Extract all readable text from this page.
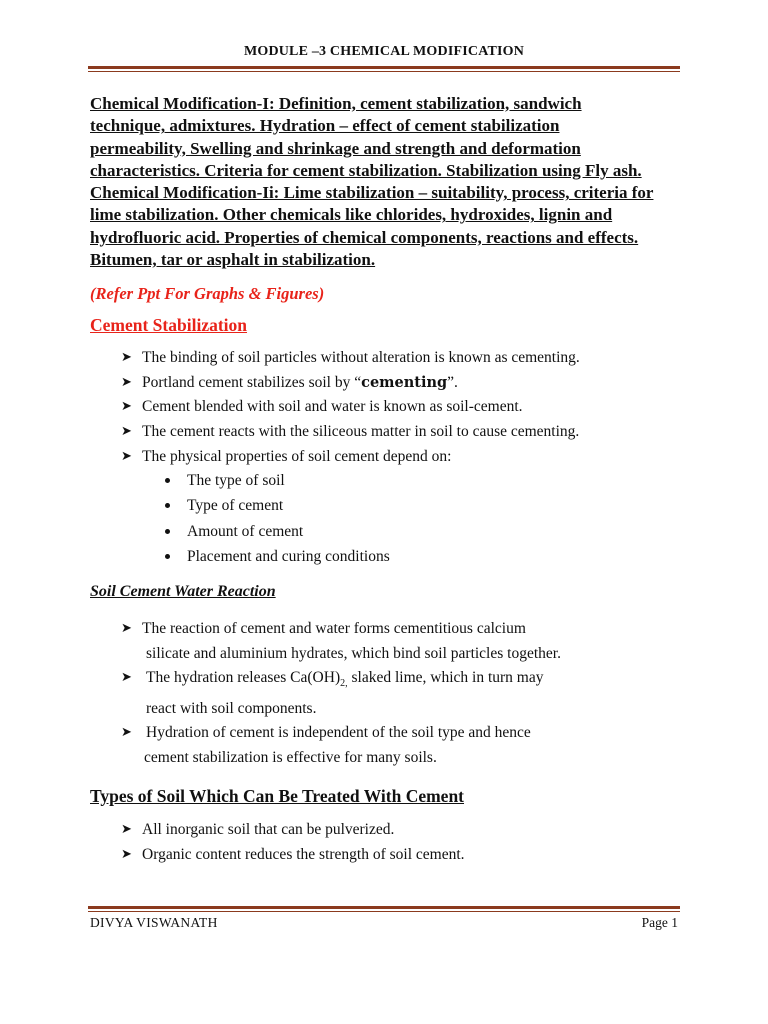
MODULE –3 CHEMICAL MODIFICATION
Chemical Modification-I: Definition, cement stabilization, sandwich
technique, admixtures. Hydration – effect of cement stabilization
permeability, Swelling and shrinkage and strength and deformation
characteristics. Criteria for cement stabilization. Stabilization using Fly ash.
Chemical Modification-Ii: Lime stabilization – suitability, process, criteria for
lime stabilization. Other chemicals like chlorides, hydroxides, lignin and
hydrofluoric acid. Properties of chemical components, reactions and effects.
Bitumen, tar or asphalt in stabilization.
(Refer Ppt For Graphs & Figures)
Cement Stabilization
➤ The binding of soil particles without alteration is known as cementing.
➤ Portland cement stabilizes soil by “cementing”.
➤ Cement blended with soil and water is known as soil-cement.
➤ The cement reacts with the siliceous matter in soil to cause cementing.
➤ The physical properties of soil cement depend on:
The type of soil
Type of cement
Amount of cement
Placement and curing conditions
Soil Cement Water Reaction
➤ The reaction of cement and water forms cementitious calcium
silicate and aluminium hydrates, which bind soil particles together.
➤ The hydration releases $Ca(OH)_{2,}$ slaked lime, which in turn may
react with soil components.
➤ Hydration of cement is independent of the soil type and hence
cement stabilization is effective for many soils.
Types of Soil Which Can Be Treated With Cement
➤ All inorganic soil that can be pulverized.
➤ Organic content reduces the strength of soil cement.
DIVYA VISWANATH	Page 1
